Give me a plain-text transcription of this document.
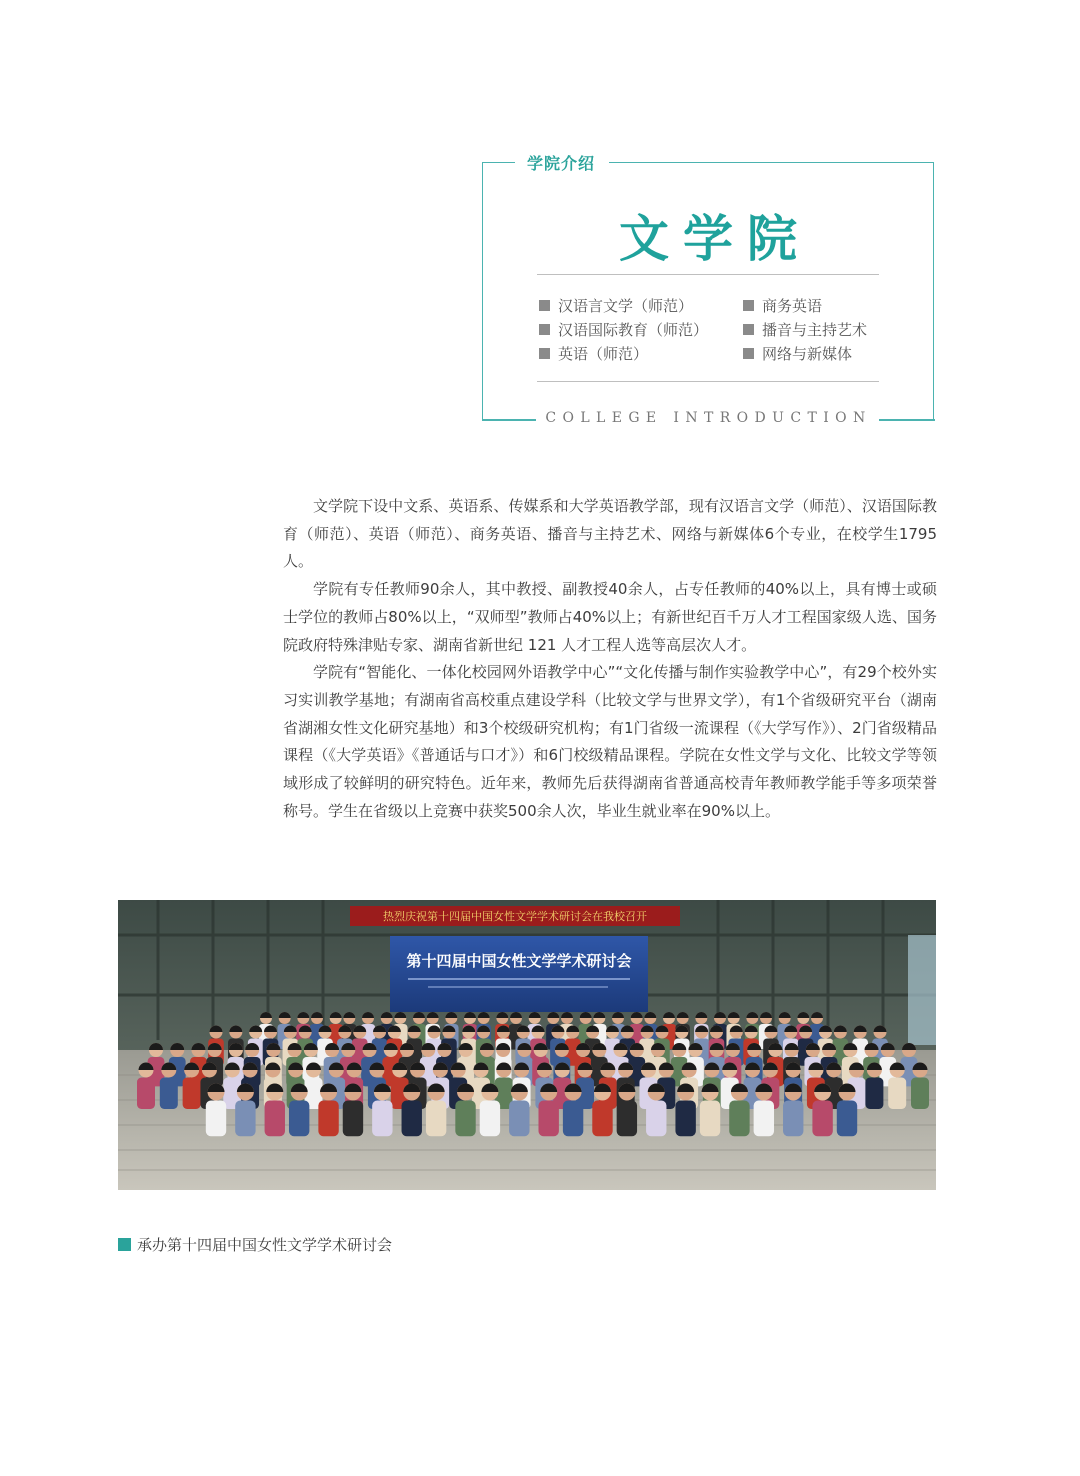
学院介绍
文学院
汉语言文学（师范）	商务英语
汉语国际教育（师范）	播音与主持艺术
英语（师范）	网络与新媒体
COLLEGE INTRODUCTION

文学院下设中文系、英语系、传媒系和大学英语教学部，现有汉语言文学（师范）、汉语国际教育（师范）、英语（师范）、商务英语、播音与主持艺术、网络与新媒体6个专业，在校学生1795人。

学院有专任教师90余人，其中教授、副教授40余人，占专任教师的40%以上，具有博士或硕士学位的教师占80%以上，“双师型”教师占40%以上；有新世纪百千万人才工程国家级人选、国务院政府特殊津贴专家、湖南省新世纪 121 人才工程人选等高层次人才。

学院有“智能化、一体化校园网外语教学中心”“文化传播与制作实验教学中心”，有29个校外实习实训教学基地；有湖南省高校重点建设学科（比较文学与世界文学），有1个省级研究平台（湖南省湖湘女性文化研究基地）和3个校级研究机构；有1门省级一流课程（《大学写作》）、2门省级精品课程（《大学英语》《普通话与口才》）和6门校级精品课程。学院在女性文学与文化、比较文学等领域形成了较鲜明的研究特色。近年来，教师先后获得湖南省普通高校青年教师教学能手等多项荣誉称号。学生在省级以上竞赛中获奖500余人次，毕业生就业率在90%以上。

热烈庆祝第十四届中国女性文学学术研讨会在我校召开
第十四届中国女性文学学术研讨会
承办第十四届中国女性文学学术研讨会
